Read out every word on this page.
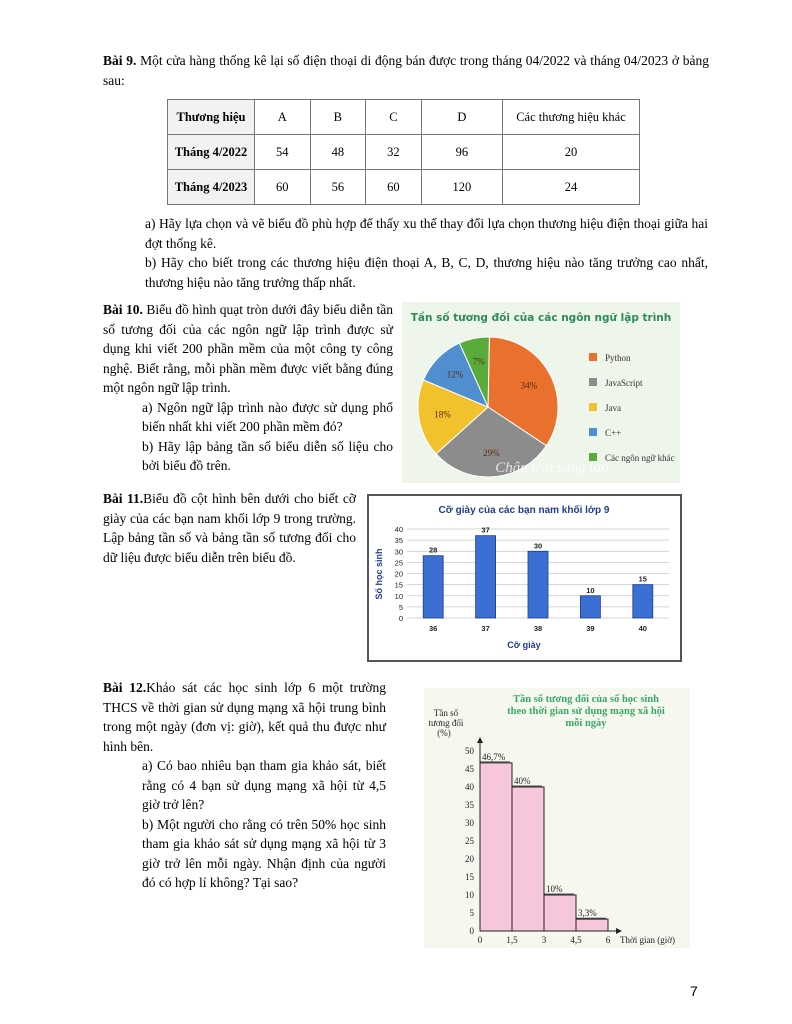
Bài 9. Một cửa hàng thống kê lại số điện thoại di động bán được trong tháng 04/2022 và tháng 04/2023 ở bảng sau:
Thương hiệu	A	B	C	D	Các thương hiệu khác
Tháng 4/2022	54	48	32	96	20
Tháng 4/2023	60	56	60	120	24
a) Hãy lựa chọn và vẽ biểu đồ phù hợp để thấy xu thế thay đổi lựa chọn thương hiệu điện thoại giữa hai đợt thống kê.
b) Hãy cho biết trong các thương hiệu điện thoại A, B, C, D, thương hiệu nào tăng trưởng cao nhất, thương hiệu nào tăng trưởng thấp nhất.
Bài 10. Biểu đồ hình quạt tròn dưới đây biểu diễn tần số tương đối của các ngôn ngữ lập trình được sử dụng khi viết 200 phần mềm của một công ty công nghệ. Biết rằng, mỗi phần mềm được viết bằng đúng một ngôn ngữ lập trình.
a) Ngôn ngữ lập trình nào được sử dụng phổ biến nhất khi viết 200 phần mềm đó?
b) Hãy lập bảng tần số biểu diễn số liệu cho bởi biểu đồ trên.
Tần số tương đối của các ngôn ngữ lập trình
34%
29%
18%
12%
7%	Python
JavaScript
Java
C++
Các ngôn ngữ khác
Chân trời sáng tạo
Bài 11.Biểu đồ cột hình bên dưới cho biết cỡ giày của các bạn nam khối lớp 9 trong trường. Lập bảng tần số và bảng tần số tương đối cho dữ liệu được biểu diễn trên biểu đồ.
Cỡ giày của các bạn nam khối lớp 9
0
5
10
15
20
25
30
35
40
28
36
37
37
30
38
10
39
15
40
Cỡ giày
Số học sinh
Bài 12.Khảo sát các học sinh lớp 6 một trường THCS về thời gian sử dụng mạng xã hội trung bình trong một ngày (đơn vị: giờ), kết quả thu được như hình bên.
a) Có bao nhiêu bạn tham gia khảo sát, biết rằng có 4 bạn sử dụng mạng xã hội từ 4,5 giờ trở lên?
b) Một người cho rằng có trên 50% học sinh tham gia khảo sát sử dụng mạng xã hội từ 3 giờ trở lên mỗi ngày. Nhận định của người đó có hợp lí không? Tại sao?
Tần số tương đối của số học sinh
theo thời gian sử dụng mạng xã hội
mỗi ngày
Tần số
tương đối
(%)
0
5
10
15
20
25
30
35
40
45
50
46,7%
40%
10%
3,3%
0	1,5	3	4,5	6 Thời gian (giờ)
7
